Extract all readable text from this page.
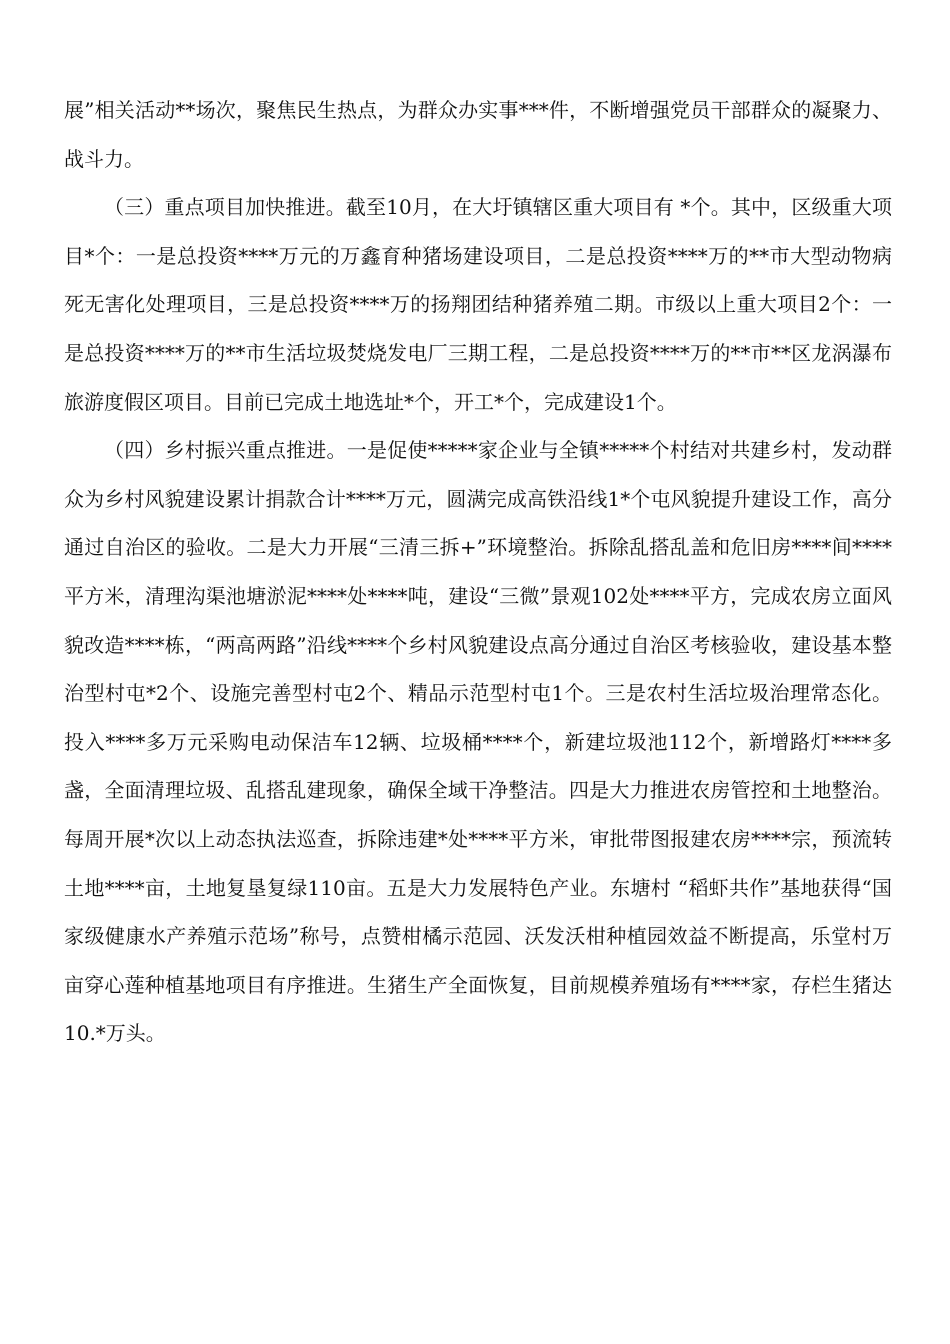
展”相关活动**场次，聚焦民生热点，为群众办实事***件，不断增强党员干部群众的凝聚力、战斗力。

（三）重点项目加快推进。截至10月，在大圩镇辖区重大项目有 *个。其中，区级重大项目*个：一是总投资****万元的万鑫育种猪场建设项目，二是总投资****万的**市大型动物病死无害化处理项目，三是总投资****万的扬翔团结种猪养殖二期。市级以上重大项目2个：一是总投资****万的**市生活垃圾焚烧发电厂三期工程，二是总投资****万的**市**区龙涡瀑布旅游度假区项目。目前已完成土地选址*个，开工*个，完成建设1个。

（四）乡村振兴重点推进。一是促使*****家企业与全镇*****个村结对共建乡村，发动群众为乡村风貌建设累计捐款合计****万元，圆满完成高铁沿线1*个屯风貌提升建设工作，高分通过自治区的验收。二是大力开展“三清三拆+”环境整治。拆除乱搭乱盖和危旧房****间****平方米，清理沟渠池塘淤泥****处****吨，建设“三微”景观102处****平方，完成农房立面风貌改造****栋，“两高两路”沿线****个乡村风貌建设点高分通过自治区考核验收，建设基本整治型村屯*2个、设施完善型村屯2个、精品示范型村屯1个。三是农村生活垃圾治理常态化。投入****多万元采购电动保洁车12辆、垃圾桶****个，新建垃圾池112个，新增路灯****多盏，全面清理垃圾、乱搭乱建现象，确保全域干净整洁。四是大力推进农房管控和土地整治。每周开展*次以上动态执法巡查，拆除违建*处****平方米，审批带图报建农房****宗，预流转土地****亩，土地复垦复绿110亩。五是大力发展特色产业。东塘村 “稻虾共作”基地获得“国家级健康水产养殖示范场”称号，点赞柑橘示范园、沃发沃柑种植园效益不断提高，乐堂村万亩穿心莲种植基地项目有序推进。生猪生产全面恢复，目前规模养殖场有****家，存栏生猪达10.*万头。
